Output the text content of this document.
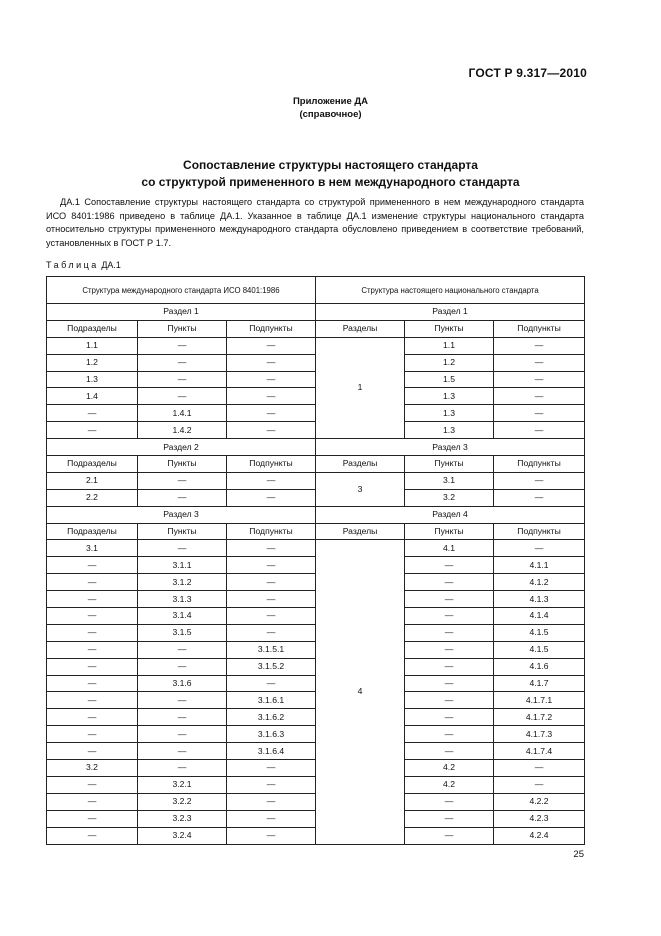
ГОСТ Р 9.317—2010
Приложение ДА
(справочное)
Сопоставление структуры настоящего стандарта
со структурой примененного в нем международного стандарта
ДА.1 Сопоставление структуры настоящего стандарта со структурой примененного в нем международного стандарта ИСО 8401:1986 приведено в таблице ДА.1. Указанное в таблице ДА.1 изменение структуры национального стандарта относительно структуры примененного международного стандарта обусловлено приведением в соответствие требований, установленных в ГОСТ Р 1.7.
Таблица ДА.1
Структура международного стандарта ИСО 8401:1986			Структура настоящего национального стандарта		
Раздел 1			Раздел 1		
Подразделы	Пункты	Подпункты	Разделы	Пункты	Подпункты
1.1	—	—	1	1.1	—
1.2	—	—		1.2	—
1.3	—	—		1.5	—
1.4	—	—		1.3	—
—	1.4.1	—		1.3	—
—	1.4.2	—		1.3	—
Раздел 2			Раздел 3		
Подразделы	Пункты	Подпункты	Разделы	Пункты	Подпункты
2.1	—	—	3	3.1	—
2.2	—	—		3.2	—
Раздел 3			Раздел 4		
Подразделы	Пункты	Подпункты	Разделы	Пункты	Подпункты
3.1	—	—	4	4.1	—
—	3.1.1	—		—	4.1.1
—	3.1.2	—		—	4.1.2
—	3.1.3	—		—	4.1.3
—	3.1.4	—		—	4.1.4
—	3.1.5	—		—	4.1.5
—	—	3.1.5.1		—	4.1.5
—	—	3.1.5.2		—	4.1.6
—	3.1.6	—		—	4.1.7
—	—	3.1.6.1		—	4.1.7.1
—	—	3.1.6.2		—	4.1.7.2
—	—	3.1.6.3		—	4.1.7.3
—	—	3.1.6.4		—	4.1.7.4
3.2	—	—		4.2	—
—	3.2.1	—		4.2	—
—	3.2.2	—		—	4.2.2
—	3.2.3	—		—	4.2.3
—	3.2.4	—		—	4.2.4
25
